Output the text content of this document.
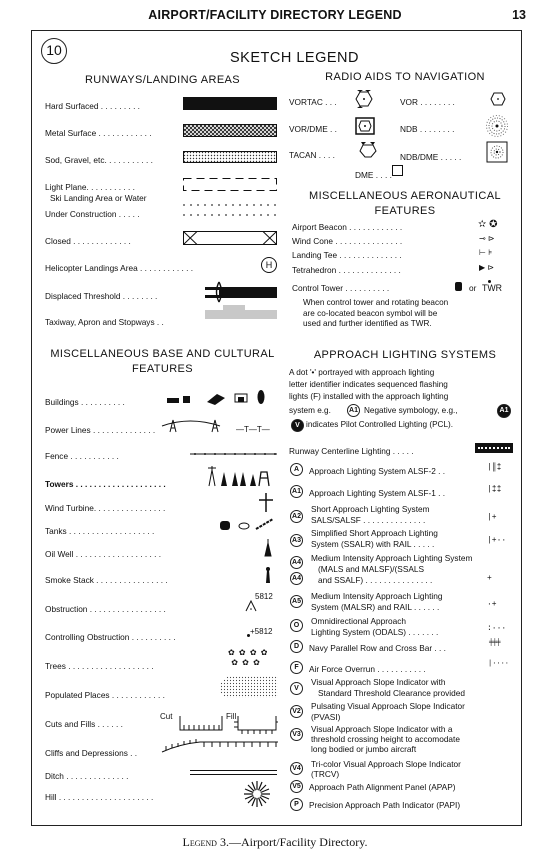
AIRPORT/FACILITY DIRECTORY LEGEND	13
10	SKETCH LEGEND
RUNWAYS/LANDING AREAS
Hard Surfaced . . . . . . . . .
Metal Surface . . . . . . . . . . . .
Sod, Gravel, etc. . . . . . . . . . .
Light Plane. . . . . . . . . . .
Ski Landing Area or Water
Under Construction . . . . .
Closed . . . . . . . . . . . . .
Helicopter Landings Area . . . . . . . . . . . .	H
Displaced Threshold . . . . . . . .
Taxiway, Apron and Stopways . .
MISCELLANEOUS BASE AND CULTURAL
FEATURES
Buildings . . . . . . . . . .
Power Lines . . . . . . . . . . . . . .	—T—T—
Fence . . . . . . . . . . .
Towers . . . . . . . . . . . . . . . . . . . .
Wind Turbine. . . . . . . . . . . . . . . .
Tanks . . . . . . . . . . . . . . . . . . .
Oil Well . . . . . . . . . . . . . . . . . . .
Smoke Stack . . . . . . . . . . . . . . . .
Obstruction . . . . . . . . . . . . . . . . .
5812
Controlling Obstruction . . . . . . . . . .
+5812
Trees . . . . . . . . . . . . . . . . . . .
✿ ✿ ✿ ✿
✿ ✿ ✿
Populated Places . . . . . . . . . . . .
Cuts and Fills . . . . . .
Cut	Fill
Cliffs and Depressions . .
Ditch . . . . . . . . . . . . . .
Hill . . . . . . . . . . . . . . . . . . . . .
RADIO AIDS TO NAVIGATION
VORTAC . . .	VOR . . . . . . . .
VOR/DME . .	NDB . . . . . . . .
TACAN . . . .	NDB/DME . . . . .
DME . . . .
MISCELLANEOUS AERONAUTICAL
FEATURES
Airport Beacon . . . . . . . . . . . .	✫ ✪
Wind Cone . . . . . . . . . . . . . . .	⊸ ⊳
Landing Tee . . . . . . . . . . . . . .	⊢ ⊧
Tetrahedron . . . . . . . . . . . . . .	▶ ⊳
Control Tower . . . . . . . . . .	or TWR
When control tower and rotating beacon
are co-located beacon symbol will be
used and further identified as TWR.
APPROACH LIGHTING SYSTEMS
A dot '•' portrayed with approach lighting
letter identifier indicates sequenced flashing
lights (F) installed with the approach lighting
system e.g.	A1 Negative symbology, e.g.,	A1
V indicates Pilot Controlled Lighting (PCL).
Runway Centerline Lighting . . . . .
A	Approach Lighting System ALSF-2 . .	|║‡
A1 Approach Lighting System ALSF-1 . .	|‡‡
A2
Short Approach Lighting System
SALS/SALSF . . . . . . . . . . . . . .	|+
A3
Simplified Short Approach Lighting
System (SSALR) with RAIL . . . . .	|+··
A4 Medium Intensity Approach Lighting System
(MALS and MALSF)/(SSALS
A4 and SSALF) . . . . . . . . . . . . . . .	+
A5
Medium Intensity Approach Lighting
System (MALSR) and RAIL . . . . . .	·+
O	Omnidirectional Approach
Lighting System (ODALS) . . . . . . .	:···
D	Navy Parallel Row and Cross Bar . . .	╪╪╪
F	Air Force Overrun . . . . . . . . . . .	|····
V
Visual Approach Slope Indicator with
Standard Threshold Clearance provided
V2
Pulsating Visual Approach Slope Indicator
(PVASI)
V3
Visual Approach Slope Indicator with a
threshold crossing height to accomodate
long bodied or jumbo aircraft
V4 Tri-color Visual Approach Slope Indicator
(TRCV)
V5 Approach Path Alignment Panel (APAP)
P	Precision Approach Path Indicator (PAPI)
Legend 3.—Airport/Facility Directory.
